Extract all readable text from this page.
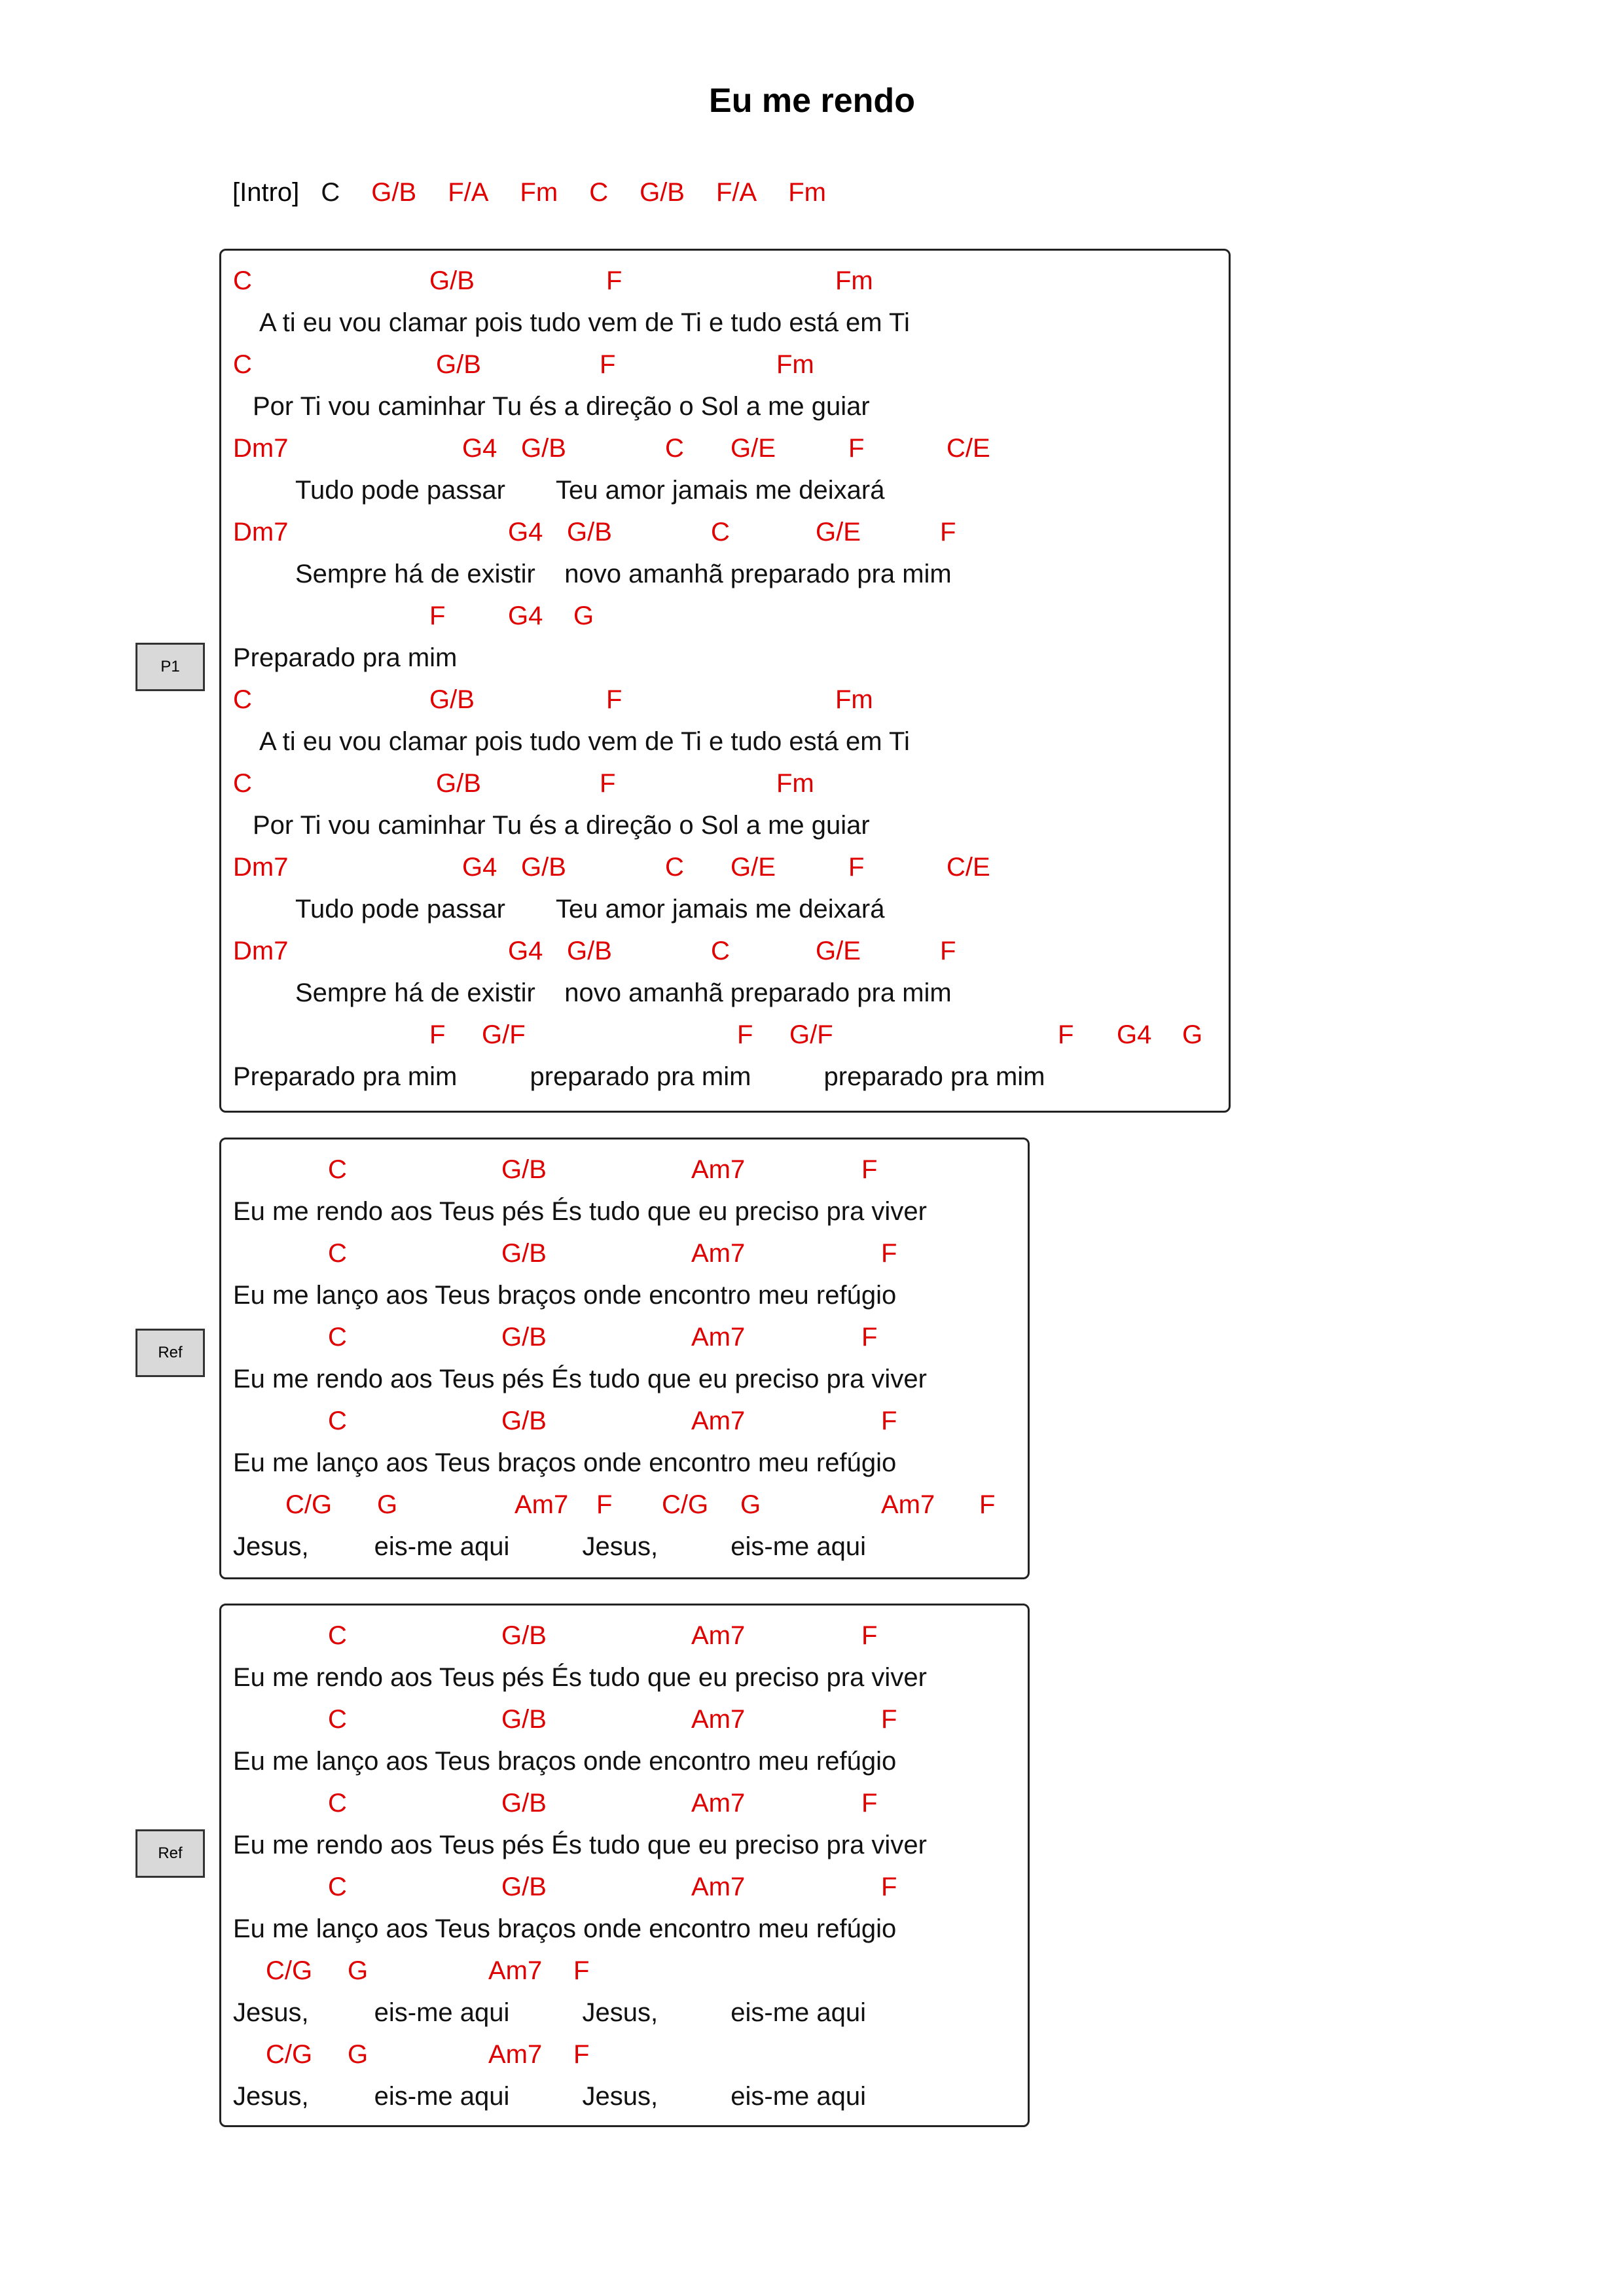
Eu me rendo
[Intro] C G/B F/A Fm C G/B F/A Fm
P1
C	G/B	F	Fm
A ti eu vou clamar pois tudo vem de Ti e tudo está em Ti
C	G/B	F	Fm
Por Ti vou caminhar Tu és a direção o Sol a me guiar
Dm7	G4 G/B	C G/E	F	C/E
Tudo pode passar       Teu amor jamais me deixará
Dm7	G4 G/B	C	G/E	F
Sempre há de existir    novo amanhã preparado pra mim
F G4 G
Preparado pra mim
C	G/B	F	Fm
A ti eu vou clamar pois tudo vem de Ti e tudo está em Ti
C	G/B	F	Fm
Por Ti vou caminhar Tu és a direção o Sol a me guiar
Dm7	G4 G/B	C G/E	F	C/E
Tudo pode passar       Teu amor jamais me deixará
Dm7	G4 G/B	C	G/E	F
Sempre há de existir    novo amanhã preparado pra mim
F G/F	F G/F	F G4 G
Preparado pra mim          preparado pra mim          preparado pra mim
Ref
C	G/B	Am7	F
Eu me rendo aos Teus pés És tudo que eu preciso pra viver
C	G/B	Am7	F
Eu me lanço aos Teus braços onde encontro meu refúgio
C	G/B	Am7	F
Eu me rendo aos Teus pés És tudo que eu preciso pra viver
C	G/B	Am7	F
Eu me lanço aos Teus braços onde encontro meu refúgio
C/G G	Am7 F C/G G	Am7 F
Jesus,         eis-me aqui          Jesus,          eis-me aqui
Ref
C	G/B	Am7	F
Eu me rendo aos Teus pés És tudo que eu preciso pra viver
C	G/B	Am7	F
Eu me lanço aos Teus braços onde encontro meu refúgio
C	G/B	Am7	F
Eu me rendo aos Teus pés És tudo que eu preciso pra viver
C	G/B	Am7	F
Eu me lanço aos Teus braços onde encontro meu refúgio
C/G G	Am7 F
Jesus,         eis-me aqui          Jesus,          eis-me aqui
C/G G	Am7 F
Jesus,         eis-me aqui          Jesus,          eis-me aqui
